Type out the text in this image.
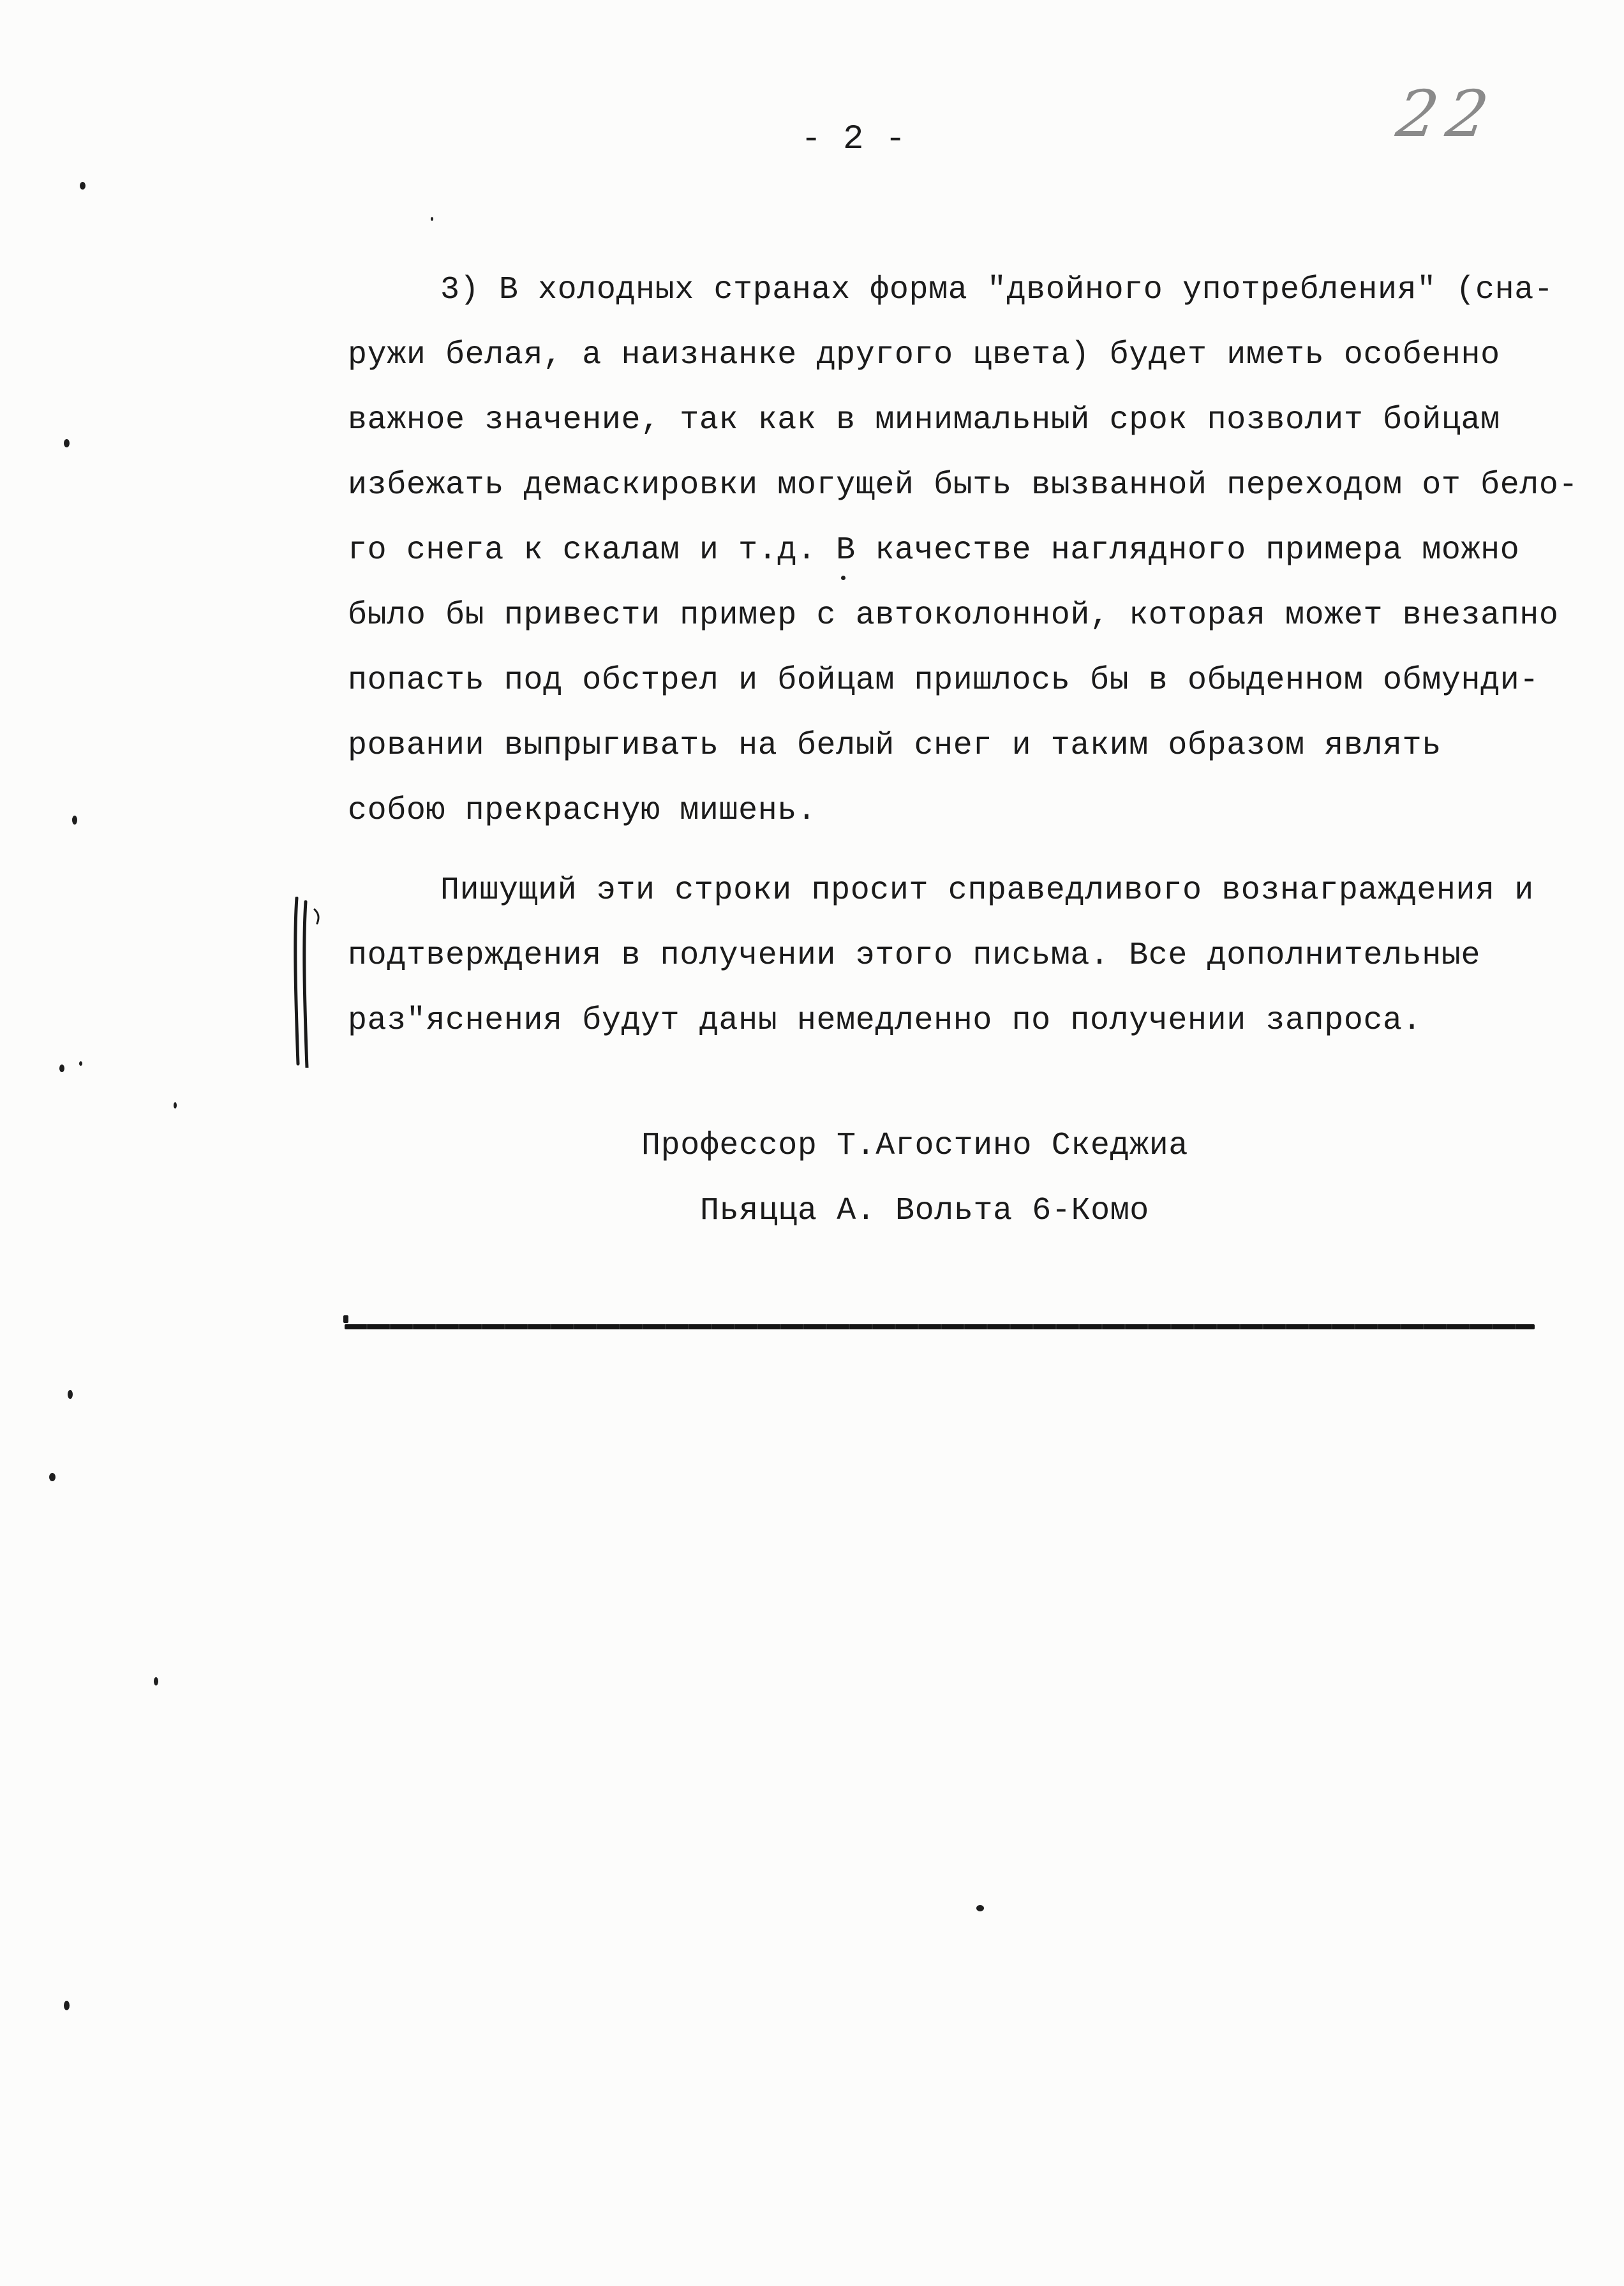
- 2 -	22
3) В холодных странах форма "двойного употребления" (сна-
ружи белая, а наизнанке другого цвета) будет иметь особенно
важное значение, так как в минимальный срок позволит бойцам
избежать демаскировки могущей быть вызванной переходом от бело-
го снега к скалам и т.д. В качестве наглядного примера можно
было бы привести пример с автоколонной, которая может внезапно
попасть под обстрел и бойцам пришлось бы в обыденном обмунди-
ровании выпрыгивать на белый снег и таким образом являть
собою прекрасную мишень.
Пишущий эти строки просит справедливого вознаграждения и
подтверждения в получении этого письма. Все дополнительные
раз"яснения будут даны немедленно по получении запроса.
Профессор Т.Агостино Скеджиа
Пьяцца А. Вольта 6-Комо
